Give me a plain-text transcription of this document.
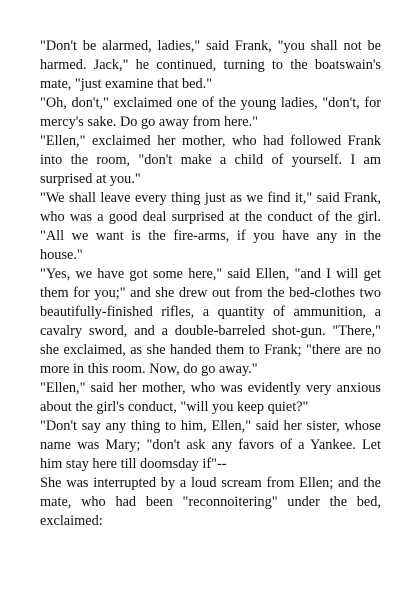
"Don't be alarmed, ladies," said Frank, "you shall not be harmed. Jack," he continued, turning to the boatswain's mate, "just examine that bed."

"Oh, don't," exclaimed one of the young ladies, "don't, for mercy's sake. Do go away from here."

"Ellen," exclaimed her mother, who had followed Frank into the room, "don't make a child of yourself. I am surprised at you."

"We shall leave every thing just as we find it," said Frank, who was a good deal surprised at the conduct of the girl. "All we want is the fire-arms, if you have any in the house."

"Yes, we have got some here," said Ellen, "and I will get them for you;" and she drew out from the bed-clothes two beautifully-finished rifles, a quantity of ammunition, a cavalry sword, and a double-barreled shot-gun. "There," she exclaimed, as she handed them to Frank; "there are no more in this room. Now, do go away."

"Ellen," said her mother, who was evidently very anxious about the girl's conduct, "will you keep quiet?"

"Don't say any thing to him, Ellen," said her sister, whose name was Mary; "don't ask any favors of a Yankee. Let him stay here till doomsday if"--

She was interrupted by a loud scream from Ellen; and the mate, who had been "reconnoitering" under the bed, exclaimed:
